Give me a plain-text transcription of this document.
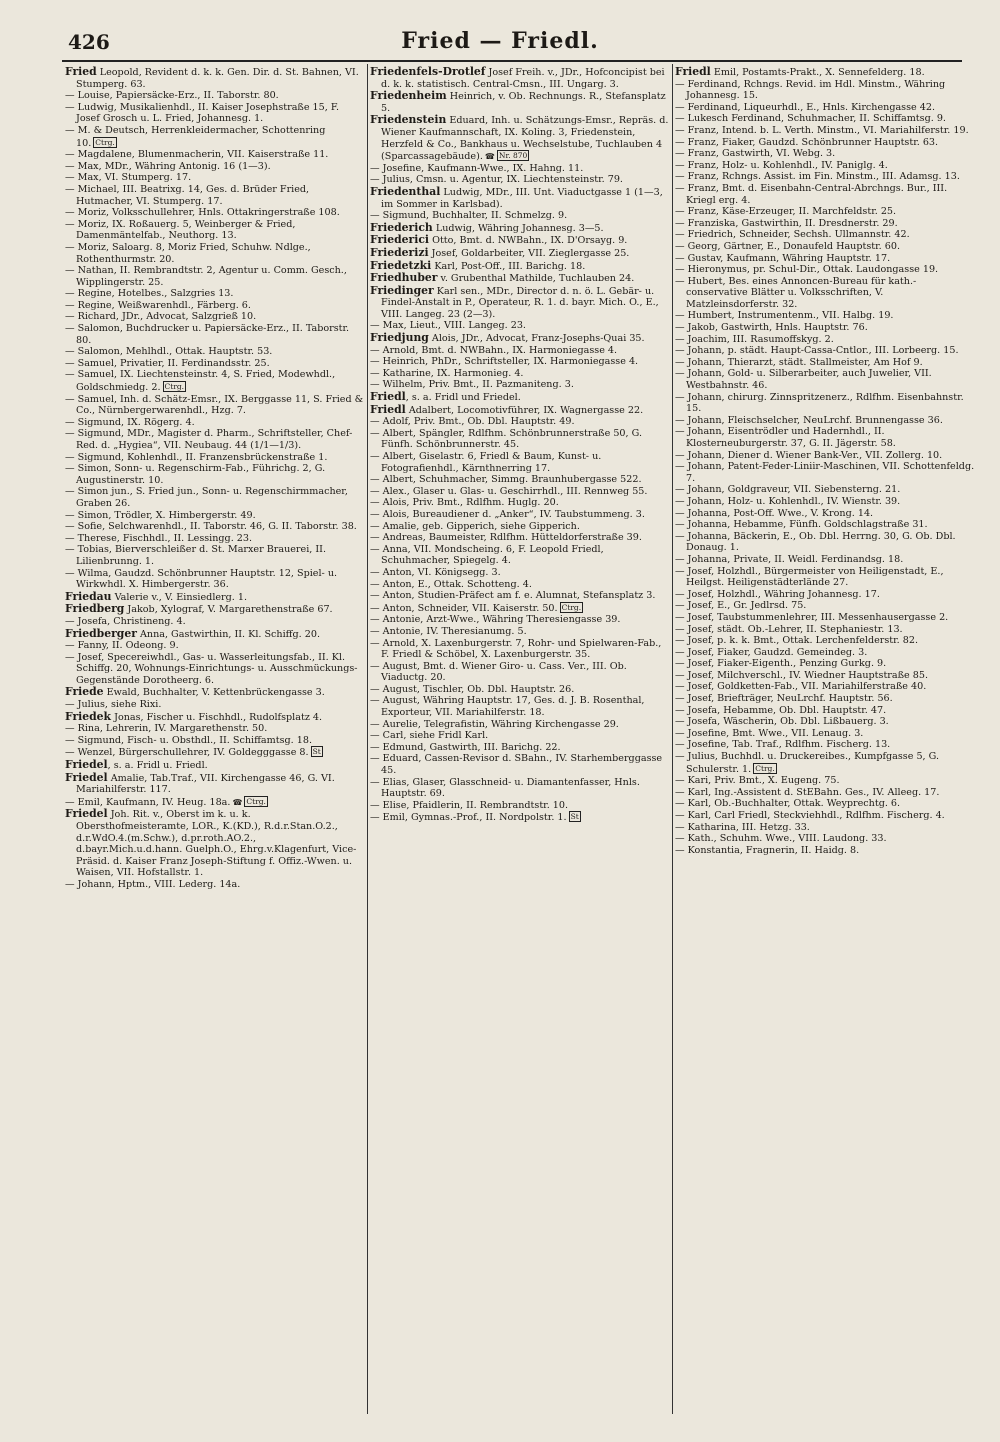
426	Fried — Friedl.
Fried Leopold, Revident d. k. k. Gen. Dir. d. St. Bahnen, VI. Stumperg. 63.
— Louise, Papiersäcke-Erz., II. Taborstr. 80.
— Ludwig, Musikalienhdl., II. Kaiser Josephstraße 15, F. Josef Grosch u. L. Fried, Johannesg. 1.
— M. & Deutsch, Herrenkleidermacher, Schottenring 10. Ctrg.
— Magdalene, Blumenmacherin, VII. Kaiserstraße 11.
— Max, MDr., Währing Antonig. 16 (1—3).
— Max, VI. Stumperg. 17.
— Michael, III. Beatrixg. 14, Ges. d. Brüder Fried, Hutmacher, VI. Stumperg. 17.
— Moriz, Volksschullehrer, Hnls. Ottakringerstraße 108.
— Moriz, IX. Roßauerg. 5, Weinberger & Fried, Damenmäntelfab., Neuthorg. 13.
— Moriz, Saloarg. 8, Moriz Fried, Schuhw. Ndlge., Rothenthurmstr. 20.
— Nathan, II. Rembrandtstr. 2, Agentur u. Comm. Gesch., Wipplingerstr. 25.
— Regine, Hotelbes., Salzgries 13.
— Regine, Weißwarenhdl., Färberg. 6.
— Richard, JDr., Advocat, Salzgrieß 10.
— Salomon, Buchdrucker u. Papiersäcke-Erz., II. Taborstr. 80.
— Salomon, Mehlhdl., Ottak. Hauptstr. 53.
— Samuel, Privatier, II. Ferdinandsstr. 25.
— Samuel, IX. Liechtensteinstr. 4, S. Fried, Modewhdl., Goldschmiedg. 2. Ctrg.
— Samuel, Inh. d. Schätz-Emsr., IX. Berggasse 11, S. Fried & Co., Nürnbergerwarenhdl., Hzg. 7.
— Sigmund, IX. Rögerg. 4.
— Sigmund, MDr., Magister d. Pharm., Schriftsteller, Chef-Red. d. „Hygiea“, VII. Neubaug. 44 (1/1—1/3).
— Sigmund, Kohlenhdl., II. Franzensbrückenstraße 1.
— Simon, Sonn- u. Regenschirm-Fab., Führichg. 2, G. Augustinerstr. 10.
— Simon jun., S. Fried jun., Sonn- u. Regenschirmmacher, Graben 26.
— Simon, Trödler, X. Himbergerstr. 49.
— Sofie, Selchwarenhdl., II. Taborstr. 46, G. II. Taborstr. 38.
— Therese, Fischhdl., II. Lessingg. 23.
— Tobias, Bierverschleißer d. St. Marxer Brauerei, II. Lilienbrunng. 1.
— Wilma, Gaudzd. Schönbrunner Hauptstr. 12, Spiel- u. Wirkwhdl. X. Himbergerstr. 36.
Friedau Valerie v., V. Einsiedlerg. 1.
Friedberg Jakob, Xylograf, V. Margarethenstraße 67.
— Josefa, Christineng. 4.
Friedberger Anna, Gastwirthin, II. Kl. Schiffg. 20.
— Fanny, II. Odeong. 9.
— Josef, Specereiwhdl., Gas- u. Wasserleitungsfab., II. Kl. Schiffg. 20, Wohnungs-Einrichtungs- u. Ausschmückungs-Gegenstände Dorotheerg. 6.
Friede Ewald, Buchhalter, V. Kettenbrückengasse 3.
— Julius, siehe Rixi.
Friedek Jonas, Fischer u. Fischhdl., Rudolfsplatz 4.
— Rina, Lehrerin, IV. Margarethenstr. 50.
— Sigmund, Fisch- u. Obsthdl., II. Schiffamtsg. 18.
— Wenzel, Bürgerschullehrer, IV. Goldegggasse 8. St
Friedel, s. a. Fridl u. Friedl.
Friedel Amalie, Tab.Traf., VII. Kirchengasse 46, G. VI. Mariahilferstr. 117.
— Emil, Kaufmann, IV. Heug. 18a. ☎ Ctrg.
Friedel Joh. Rit. v., Oberst im k. u. k. Obersthofmeisteramte, LOR., K.(KD.), R.d.r.Stan.O.2., d.r.WdO.4.(m.Schw.), d.pr.roth.AO.2., d.bayr.Mich.u.d.hann. Guelph.O., Ehrg.v.Klagenfurt, Vice-Präsid. d. Kaiser Franz Joseph-Stiftung f. Offiz.-Wwen. u. Waisen, VII. Hofstallstr. 1.
— Johann, Hptm., VIII. Lederg. 14a.
Friedenfels-Drotlef Josef Freih. v., JDr., Hofconcipist bei d. k. k. statistisch. Central-Cmsn., III. Ungarg. 3.
Friedenheim Heinrich, v. Ob. Rechnungs. R., Stefansplatz 5.
Friedenstein Eduard, Inh. u. Schätzungs-Emsr., Repräs. d. Wiener Kaufmannschaft, IX. Koling. 3, Friedenstein, Herzfeld & Co., Bankhaus u. Wechselstube, Tuchlauben 4 (Sparcassagebäude). ☎ Nr. 870
— Josefine, Kaufmann-Wwe., IX. Hahng. 11.
— Julius, Cmsn. u. Agentur, IX. Liechtensteinstr. 79.
Friedenthal Ludwig, MDr., III. Unt. Viaductgasse 1 (1—3, im Sommer in Karlsbad).
— Sigmund, Buchhalter, II. Schmelzg. 9.
Friederich Ludwig, Währing Johannesg. 3—5.
Friederici Otto, Bmt. d. NWBahn., IX. D'Orsayg. 9.
Friederizi Josef, Goldarbeiter, VII. Zieglergasse 25.
Friedetzki Karl, Post-Off., III. Barichg. 18.
Friedhuber v. Grubenthal Mathilde, Tuchlauben 24.
Friedinger Karl sen., MDr., Director d. n. ö. L. Gebär- u. Findel-Anstalt in P., Operateur, R. 1. d. bayr. Mich. O., E., VIII. Langeg. 23 (2—3).
— Max, Lieut., VIII. Langeg. 23.
Friedjung Alois, JDr., Advocat, Franz-Josephs-Quai 35.
— Arnold, Bmt. d. NWBahn., IX. Harmoniegasse 4.
— Heinrich, PhDr., Schriftsteller, IX. Harmoniegasse 4.
— Katharine, IX. Harmonieg. 4.
— Wilhelm, Priv. Bmt., II. Pazmaniteng. 3.
Friedl, s. a. Fridl und Friedel.
Friedl Adalbert, Locomotivführer, IX. Wagnergasse 22.
— Adolf, Priv. Bmt., Ob. Dbl. Hauptstr. 49.
— Albert, Spängler, Rdlfhm. Schönbrunnerstraße 50, G. Fünfh. Schönbrunnerstr. 45.
— Albert, Giselastr. 6, Friedl & Baum, Kunst- u. Fotografienhdl., Kärnthnerring 17.
— Albert, Schuhmacher, Simmg. Braunhubergasse 522.
— Alex., Glaser u. Glas- u. Geschirrhdl., III. Rennweg 55.
— Alois, Priv. Bmt., Rdlfhm. Huglg. 20.
— Alois, Bureaudiener d. „Anker“, IV. Taubstummeng. 3.
— Amalie, geb. Gipperich, siehe Gipperich.
— Andreas, Baumeister, Rdlfhm. Hütteldorferstraße 39.
— Anna, VII. Mondscheing. 6, F. Leopold Friedl, Schuhmacher, Spiegelg. 4.
— Anton, VI. Königsegg. 3.
— Anton, E., Ottak. Schotteng. 4.
— Anton, Studien-Präfect am f. e. Alumnat, Stefansplatz 3.
— Anton, Schneider, VII. Kaiserstr. 50. Ctrg.
— Antonie, Arzt-Wwe., Währing Theresiengasse 39.
— Antonie, IV. Theresianumg. 5.
— Arnold, X. Laxenburgerstr. 7, Rohr- und Spielwaren-Fab., F. Friedl & Schöbel, X. Laxenburgerstr. 35.
— August, Bmt. d. Wiener Giro- u. Cass. Ver., III. Ob. Viaductg. 20.
— August, Tischler, Ob. Dbl. Hauptstr. 26.
— August, Währing Hauptstr. 17, Ges. d. J. B. Rosenthal, Exporteur, VII. Mariahilferstr. 18.
— Aurelie, Telegrafistin, Währing Kirchengasse 29.
— Carl, siehe Fridl Karl.
— Edmund, Gastwirth, III. Barichg. 22.
— Eduard, Cassen-Revisor d. SBahn., IV. Starhemberggasse 45.
— Elias, Glaser, Glasschneid- u. Diamantenfasser, Hnls. Hauptstr. 69.
— Elise, Pfaidlerin, II. Rembrandtstr. 10.
— Emil, Gymnas.-Prof., II. Nordpolstr. 1. St
Friedl Emil, Postamts-Prakt., X. Sennefelderg. 18.
— Ferdinand, Rchngs. Revid. im Hdl. Minstm., Währing Johannesg. 15.
— Ferdinand, Liqueurhdl., E., Hnls. Kirchengasse 42.
— Lukesch Ferdinand, Schuhmacher, II. Schiffamtsg. 9.
— Franz, Intend. b. L. Verth. Minstm., VI. Mariahilferstr. 19.
— Franz, Fiaker, Gaudzd. Schönbrunner Hauptstr. 63.
— Franz, Gastwirth, VI. Webg. 3.
— Franz, Holz- u. Kohlenhdl., IV. Paniglg. 4.
— Franz, Rchngs. Assist. im Fin. Minstm., III. Adamsg. 13.
— Franz, Bmt. d. Eisenbahn-Central-Abrchngs. Bur., III. Kriegl erg. 4.
— Franz, Käse-Erzeuger, II. Marchfeldstr. 25.
— Franziska, Gastwirthin, II. Dresdnerstr. 29.
— Friedrich, Schneider, Sechsh. Ullmannstr. 42.
— Georg, Gärtner, E., Donaufeld Hauptstr. 60.
— Gustav, Kaufmann, Währing Hauptstr. 17.
— Hieronymus, pr. Schul-Dir., Ottak. Laudongasse 19.
— Hubert, Bes. eines Annoncen-Bureau für kath.-conservative Blätter u. Volksschriften, V. Matzleinsdorferstr. 32.
— Humbert, Instrumentenm., VII. Halbg. 19.
— Jakob, Gastwirth, Hnls. Hauptstr. 76.
— Joachim, III. Rasumoffskyg. 2.
— Johann, p. städt. Haupt-Cassa-Cntlor., III. Lorbeerg. 15.
— Johann, Thierarzt, städt. Stallmeister, Am Hof 9.
— Johann, Gold- u. Silberarbeiter, auch Juwelier, VII. Westbahnstr. 46.
— Johann, chirurg. Zinnspritzenerz., Rdlfhm. Eisenbahnstr. 15.
— Johann, Fleischselcher, NeuLrchf. Brunnengasse 36.
— Johann, Eisentrödler und Hadernhdl., II. Klosterneuburgerstr. 37, G. II. Jägerstr. 58.
— Johann, Diener d. Wiener Bank-Ver., VII. Zollerg. 10.
— Johann, Patent-Feder-Liniir-Maschinen, VII. Schottenfeldg. 7.
— Johann, Goldgraveur, VII. Siebensterng. 21.
— Johann, Holz- u. Kohlenhdl., IV. Wienstr. 39.
— Johanna, Post-Off. Wwe., V. Krong. 14.
— Johanna, Hebamme, Fünfh. Goldschlagstraße 31.
— Johanna, Bäckerin, E., Ob. Dbl. Herrng. 30, G. Ob. Dbl. Donaug. 1.
— Johanna, Private, II. Weidl. Ferdinandsg. 18.
— Josef, Holzhdl., Bürgermeister von Heiligenstadt, E., Heilgst. Heiligenstädterlände 27.
— Josef, Holzhdl., Währing Johannesg. 17.
— Josef, E., Gr. Jedlrsd. 75.
— Josef, Taubstummenlehrer, III. Messenhausergasse 2.
— Josef, städt. Ob.-Lehrer, II. Stephaniestr. 13.
— Josef, p. k. k. Bmt., Ottak. Lerchenfelderstr. 82.
— Josef, Fiaker, Gaudzd. Gemeindeg. 3.
— Josef, Fiaker-Eigenth., Penzing Gurkg. 9.
— Josef, Milchverschl., IV. Wiedner Hauptstraße 85.
— Josef, Goldketten-Fab., VII. Mariahilferstraße 40.
— Josef, Briefträger, NeuLrchf. Hauptstr. 56.
— Josefa, Hebamme, Ob. Dbl. Hauptstr. 47.
— Josefa, Wäscherin, Ob. Dbl. Lißbauerg. 3.
— Josefine, Bmt. Wwe., VII. Lenaug. 3.
— Josefine, Tab. Traf., Rdlfhm. Fischerg. 13.
— Julius, Buchhdl. u. Druckereibes., Kumpfgasse 5, G. Schulerstr. 1. Ctrg.
— Kari, Priv. Bmt., X. Eugeng. 75.
— Karl, Ing.-Assistent d. StEBahn. Ges., IV. Alleeg. 17.
— Karl, Ob.-Buchhalter, Ottak. Weyprechtg. 6.
— Karl, Carl Friedl, Steckviehhdl., Rdlfhm. Fischerg. 4.
— Katharina, III. Hetzg. 33.
— Kath., Schuhm. Wwe., VIII. Laudong. 33.
— Konstantia, Fragnerin, II. Haidg. 8.
